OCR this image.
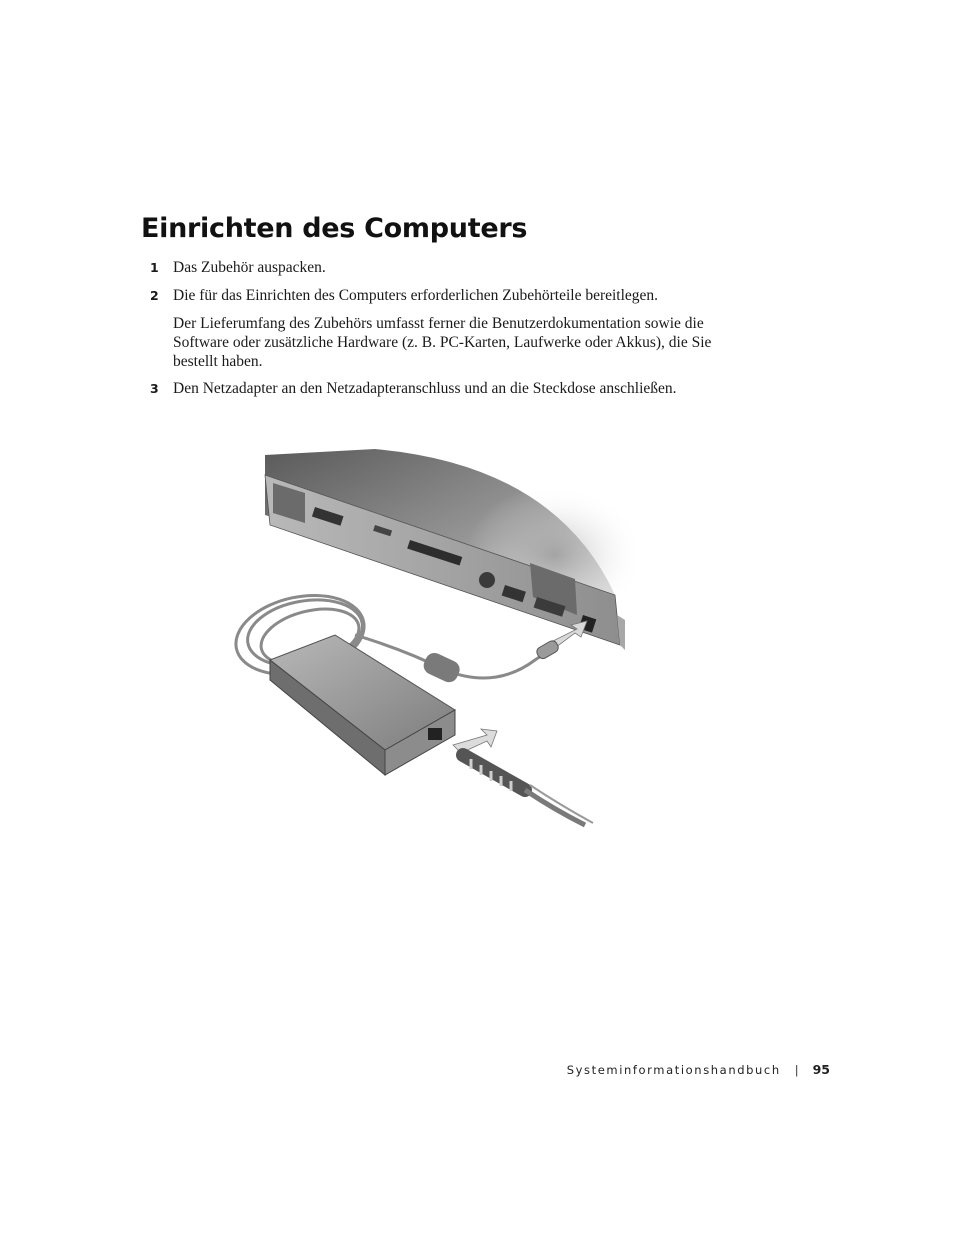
Einrichten des Computers
1 Das Zubehör auspacken.
2 Die für das Einrichten des Computers erforderlichen Zubehörteile bereitlegen.
Der Lieferumfang des Zubehörs umfasst ferner die Benutzerdokumentation sowie die
Software oder zusätzliche Hardware (z. B. PC-Karten, Laufwerke oder Akkus), die Sie
bestellt haben.
3 Den Netzadapter an den Netzadapteranschluss und an die Steckdose anschließen.
Systeminformationshandbuch | 95
